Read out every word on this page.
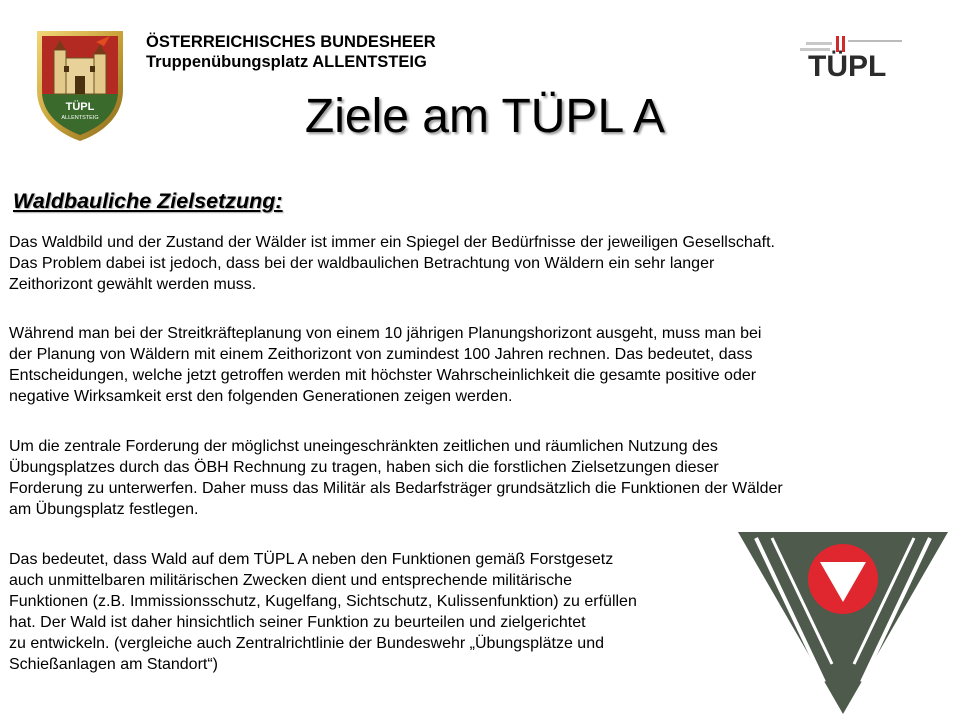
TÜPL
ALLENTSTEIG
ÖSTERREICHISCHES BUNDESHEER
Truppenübungsplatz ALLENTSTEIG	TÜPL
Ziele am TÜPL A
Waldbauliche Zielsetzung:

Das Waldbild und der Zustand der Wälder ist immer ein Spiegel der Bedürfnisse der jeweiligen Gesellschaft.
Das Problem dabei ist jedoch, dass bei der waldbaulichen Betrachtung von Wäldern ein sehr langer
Zeithorizont gewählt werden muss.

Während man bei der Streitkräfteplanung von einem 10 jährigen Planungshorizont ausgeht, muss man bei
der Planung von Wäldern mit einem Zeithorizont von zumindest 100 Jahren rechnen. Das bedeutet, dass
Entscheidungen, welche jetzt getroffen werden mit höchster Wahrscheinlichkeit die gesamte positive oder
negative Wirksamkeit erst den folgenden Generationen zeigen werden.

Um die zentrale Forderung der möglichst uneingeschränkten zeitlichen und räumlichen Nutzung des
Übungsplatzes durch das ÖBH Rechnung zu tragen, haben sich die forstlichen Zielsetzungen dieser
Forderung zu unterwerfen. Daher muss das Militär als Bedarfsträger grundsätzlich die Funktionen der Wälder
am Übungsplatz festlegen.

Das bedeutet, dass Wald auf dem TÜPL A neben den Funktionen gemäß Forstgesetz
auch unmittelbaren militärischen Zwecken dient und entsprechende militärische
Funktionen (z.B. Immissionsschutz, Kugelfang, Sichtschutz, Kulissenfunktion) zu erfüllen
hat. Der Wald ist daher hinsichtlich seiner Funktion zu beurteilen und zielgerichtet
zu entwickeln. (vergleiche auch Zentralrichtlinie der Bundeswehr „Übungsplätze und
Schießanlagen am Standort“)
